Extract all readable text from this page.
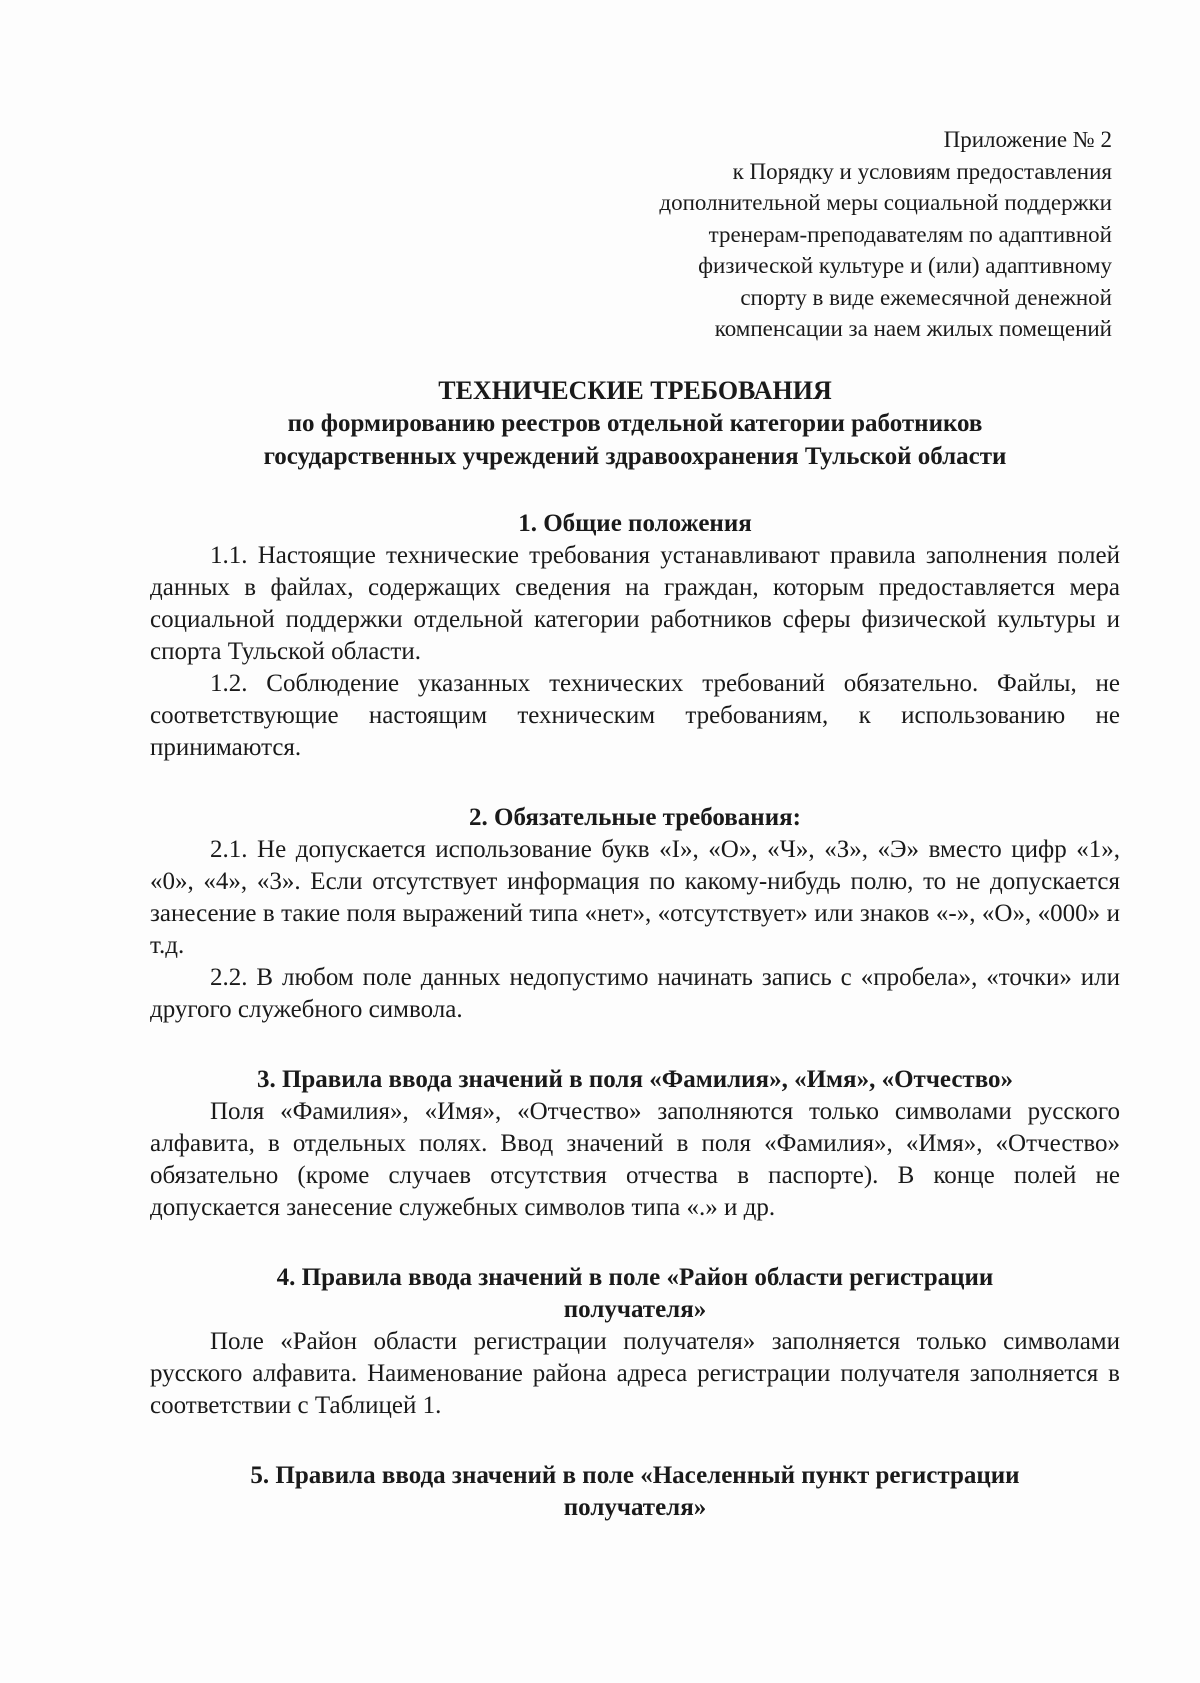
Приложение № 2
к Порядку и условиям предоставления
дополнительной меры социальной поддержки
тренерам-преподавателям по адаптивной
физической культуре и (или) адаптивному
спорту в виде ежемесячной денежной
компенсации за наем жилых помещений
ТЕХНИЧЕСКИЕ ТРЕБОВАНИЯ
по формированию реестров отдельной категории работников
государственных учреждений здравоохранения Тульской области
1. Общие положения

1.1. Настоящие технические требования устанавливают правила заполнения полей данных в файлах, содержащих сведения на граждан, которым предоставляется мера социальной поддержки отдельной категории работников сферы физической культуры и спорта Тульской области.

1.2. Соблюдение указанных технических требований обязательно. Файлы, не соответствующие настоящим техническим требованиям, к использованию не принимаются.

2. Обязательные требования:

2.1. Не допускается использование букв «I», «О», «Ч», «З», «Э» вместо цифр «1», «0», «4», «3». Если отсутствует информация по какому-нибудь полю, то не допускается занесение в такие поля выражений типа «нет», «отсутствует» или знаков «-», «О», «000» и т.д.

2.2. В любом поле данных недопустимо начинать запись с «пробела», «точки» или другого служебного символа.

3. Правила ввода значений в поля «Фамилия», «Имя», «Отчество»

Поля «Фамилия», «Имя», «Отчество» заполняются только символами русского алфавита, в отдельных полях. Ввод значений в поля «Фамилия», «Имя», «Отчество» обязательно (кроме случаев отсутствия отчества в паспорте). В конце полей не допускается занесение служебных символов типа «.» и др.

4. Правила ввода значений в поле «Район области регистрации
получателя»

Поле «Район области регистрации получателя» заполняется только символами русского алфавита. Наименование района адреса регистрации получателя заполняется в соответствии с Таблицей 1.

5. Правила ввода значений в поле «Населенный пункт регистрации
получателя»
